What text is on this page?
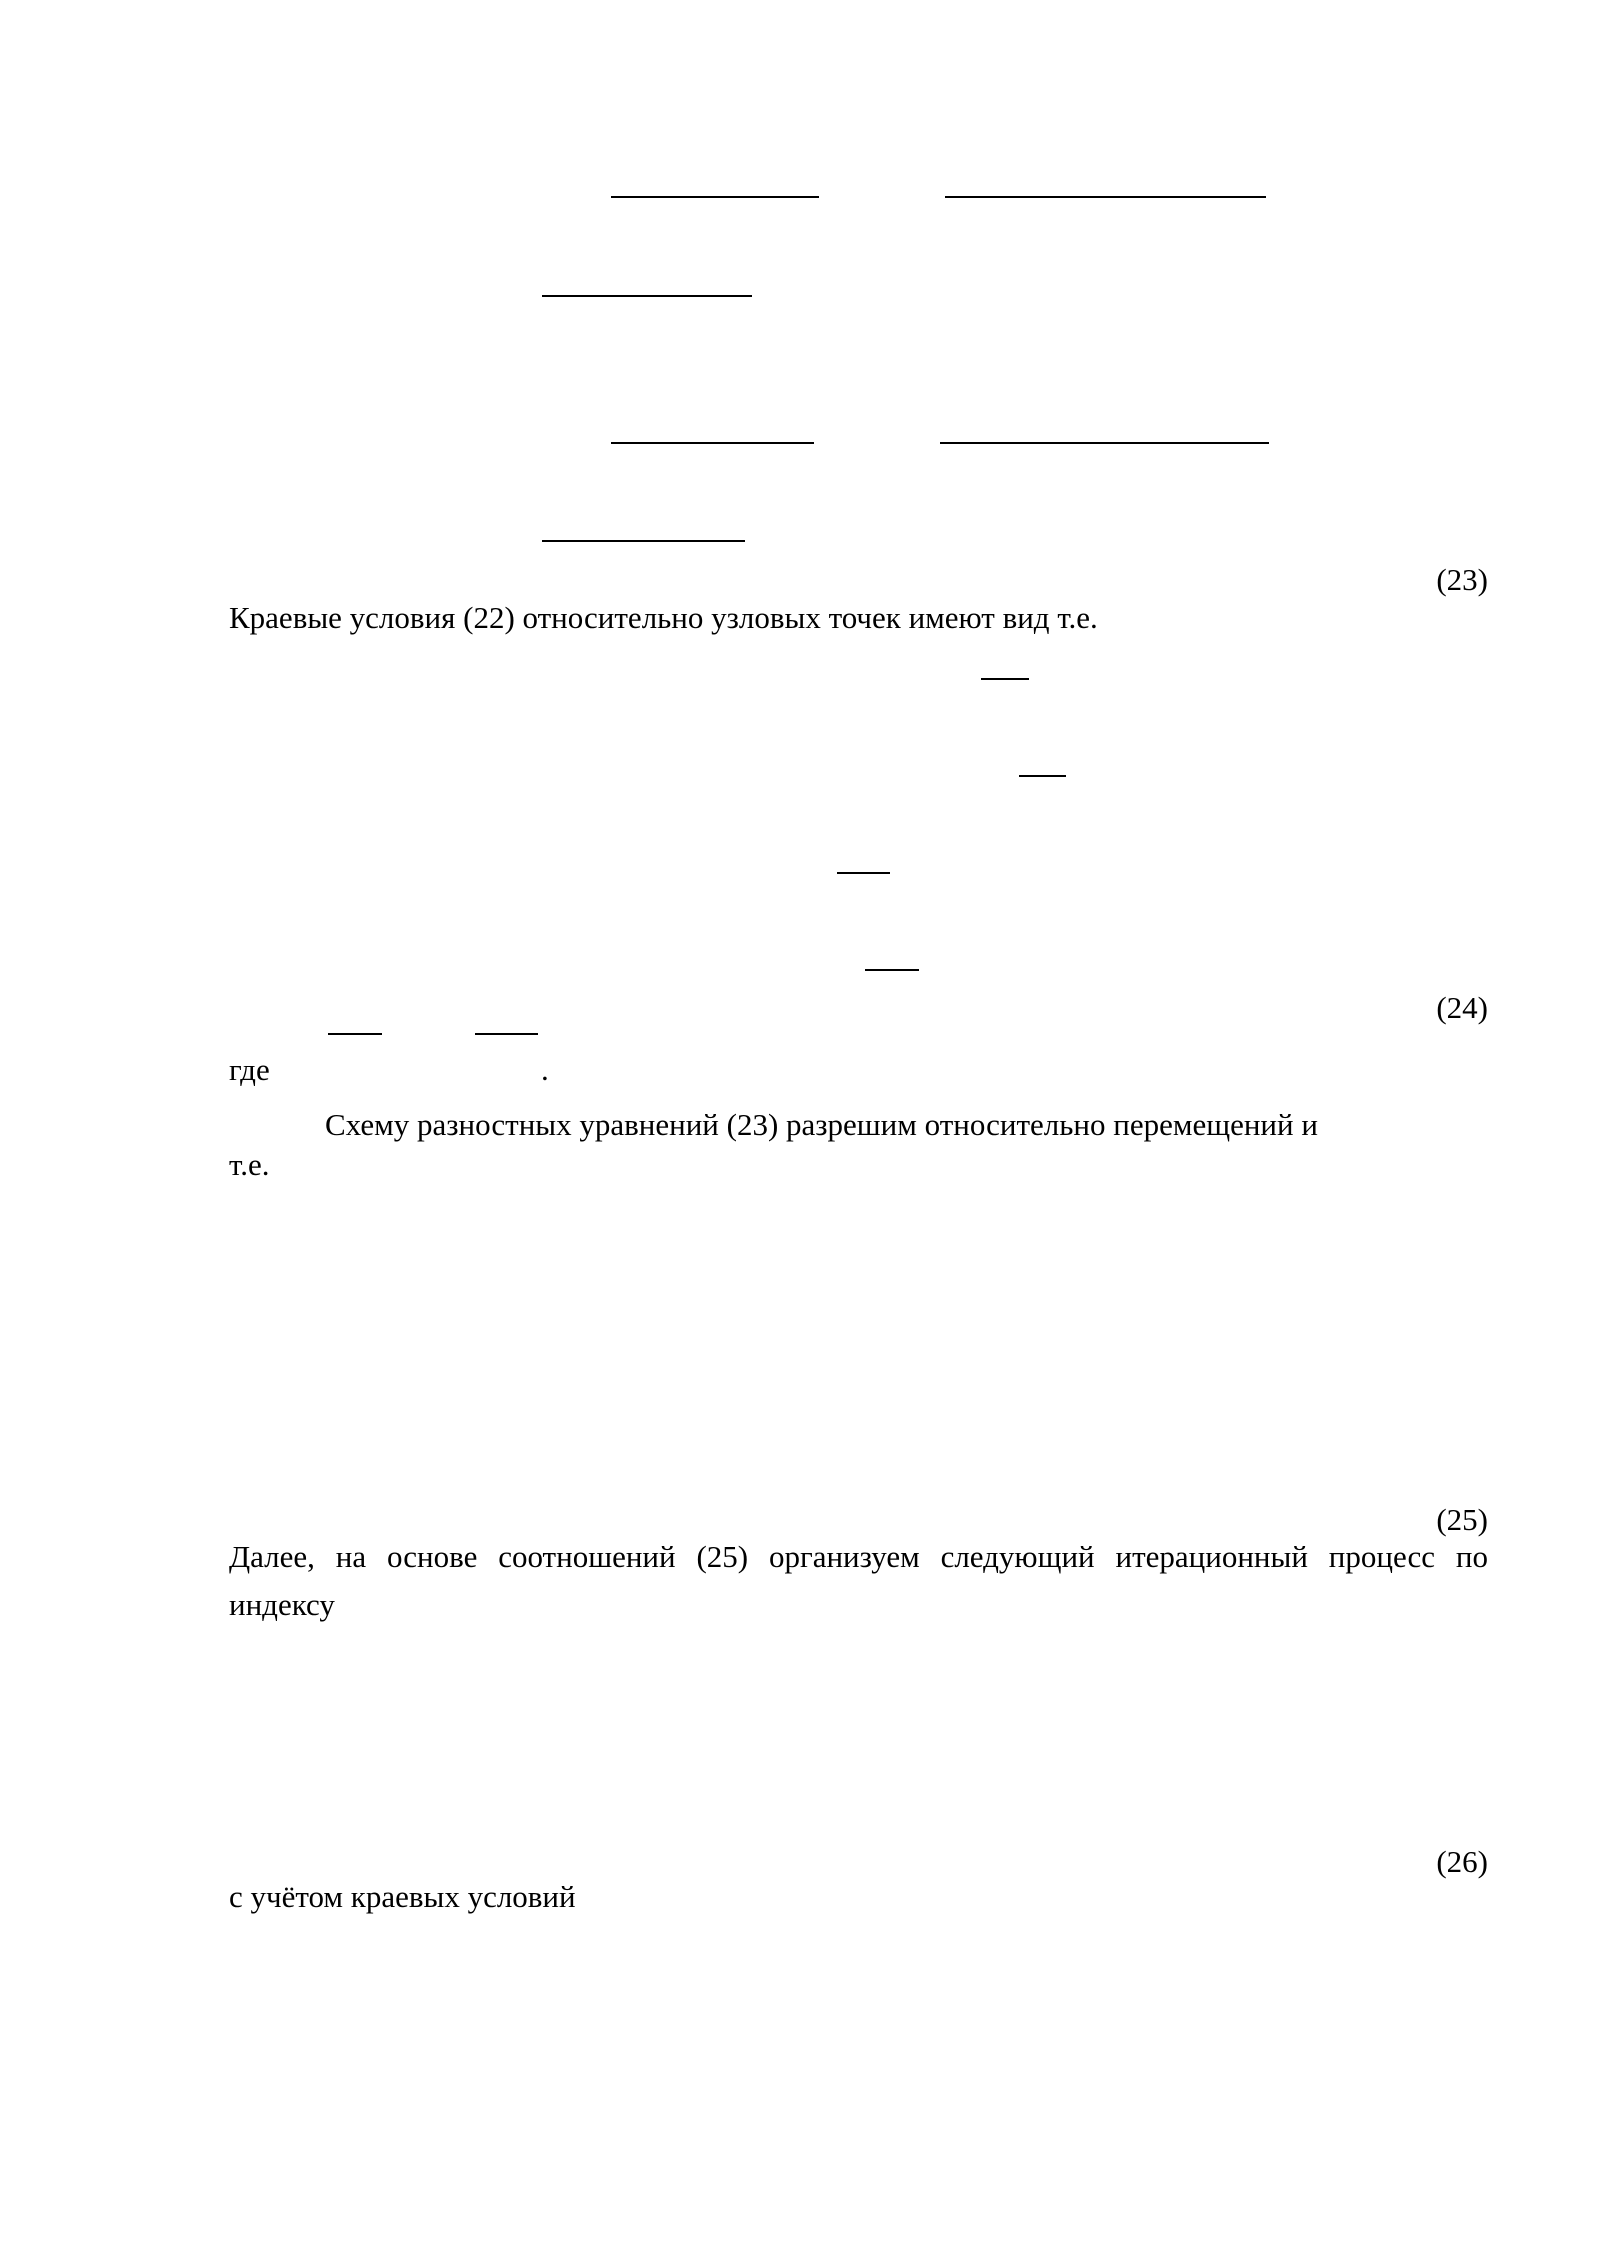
(23)
Краевые условия (22) относительно узловых точек имеют вид т.е.
(24)
где	.
Схему разностных уравнений (23) разрешим относительно перемещений и
т.е.
(25)
Далее, на основе соотношений (25) организуем следующий итерационный процесс по
индексу
(26)
с учётом краевых условий
